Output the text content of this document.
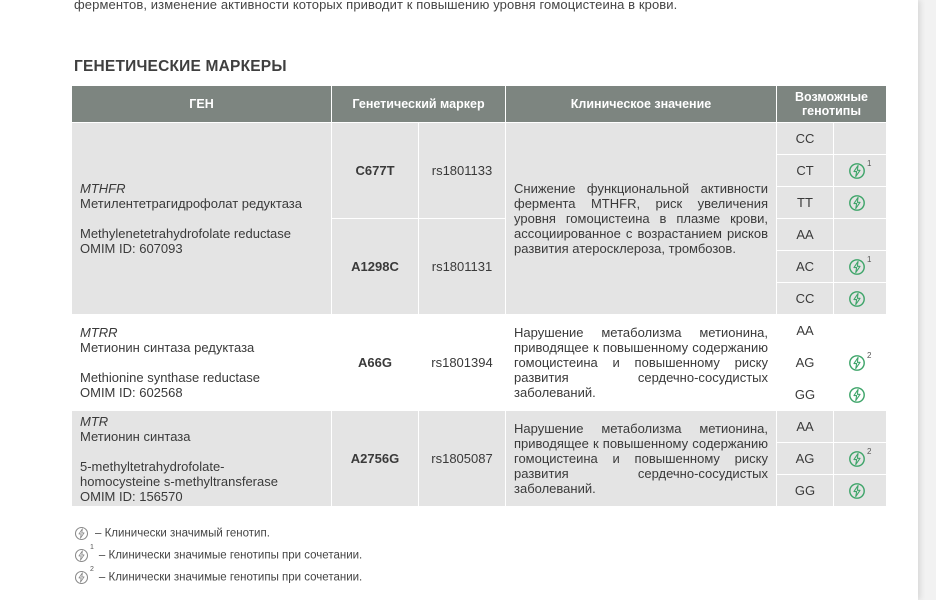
ферментов, изменение активности которых приводит к повышению уровня гомоцистеина в крови.
ГЕНЕТИЧЕСКИЕ МАРКЕРЫ
ГЕН	Генетический маркер		Клиническое значение	Возможные генотипы	

MTHFR
Метилентетрагидрофолат редуктаза
Methylenetetrahydrofolate reductase
OMIM ID: 607093	C677T	rs1801133	Снижение функциональной активности фермента MTHFR, риск увеличения уровня гомоцистеина в плазме крови, ассоциированное с возрастанием рисков развития атеросклероза, тромбозов.	CC	
				CT	$^1$
				TT	
	A1298C	rs1801131		AA	
				AC	$^1$
				CC	

MTRR
Метионин синтаза редуктаза
Methionine synthase reductase
OMIM ID: 602568	A66G	rs1801394	Нарушение метаболизма метионина, приводящее к повышенному содержанию гомоцистеина и повышенному риску развития сердечно-сосудистых заболеваний.	AA	
				AG	$^2$
				GG	

MTR
Метионин синтаза
5-methyltetrahydrofolate-
homocysteine s-methyltransferase
OMIM ID: 156570	A2756G	rs1805087	Нарушение метаболизма метионина, приводящее к повышенному содержанию гомоцистеина и повышенному риску развития сердечно-сосудистых заболеваний.	AA	
				AG	$^2$
				GG	
– Клинически значимый генотип.
$^1$– Клинически значимые генотипы при сочетании.
$^2$– Клинически значимые генотипы при сочетании.
